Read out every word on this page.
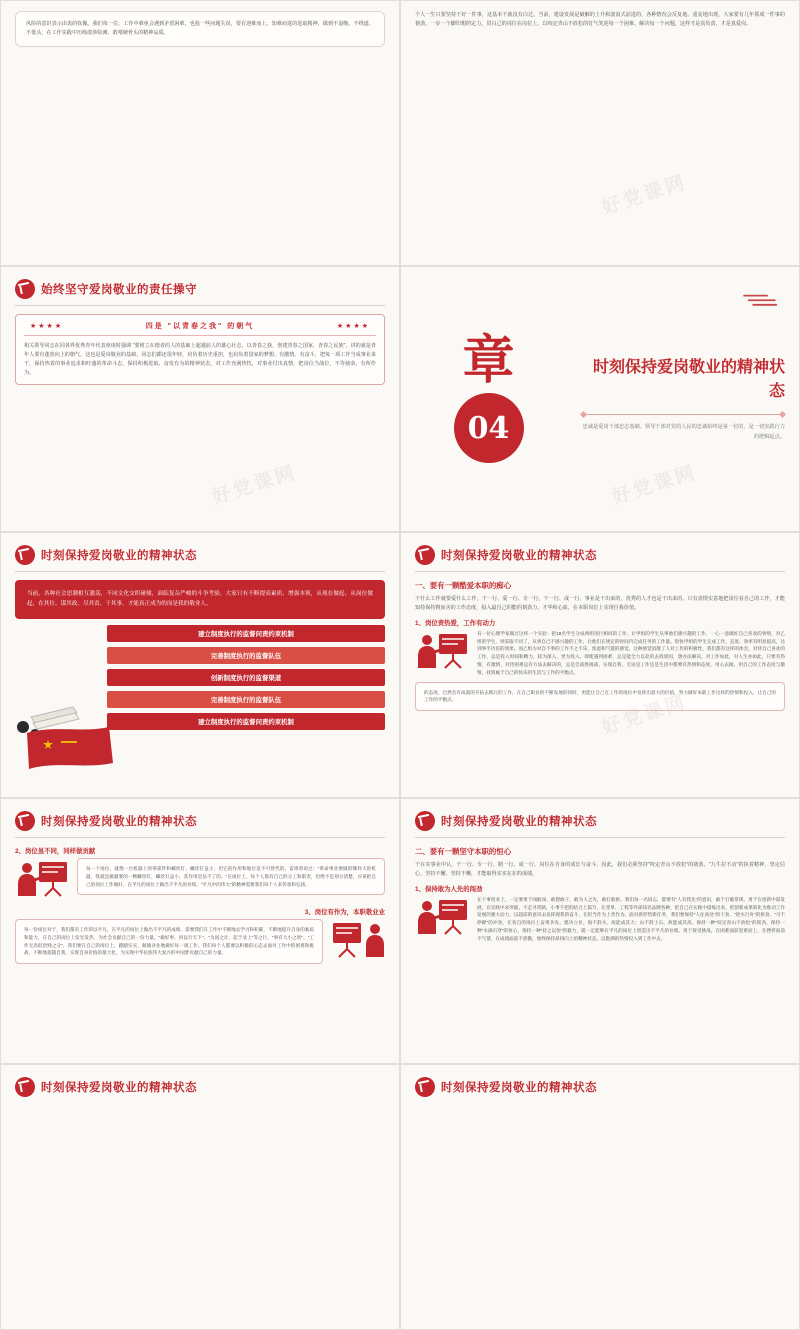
风险的意识表示由衷的钦佩。我们每一位，工作中难免会遇到矛盾困难，也投一些问题失误，要有迎难而上、知难而进的进取精神，做到不退缩、不绕道、不低头，在工作实践中历练敢涉险滩、敢啃硬骨头的精神品质。
个人一生只要坚持干好一件事，这基本干就没有白过。当前，建设发展是破解的上升和波浪式前进的，各种情况会反复地、重复地出现，大家要有几年抓成一件事的韧劲，一步一个脚印想的定力，贯白己的岗位在岗位上，以咬定青山不放松的钉气笑迎每一个困难、解决每一个问题，这样才是真负责，才是真爱岗。
始终坚守爱岗敬业的责任操守
★★★★	四是 "以青春之我" 的朝气	★★★★
相关领导同志在同各界优秀青年代表座谈时强调 "要树立在德者的人的基础上超越前人的雄心壮志，以青春之我，创建青春之国家，青春之民族"，讲的就是青年人要有蓬勃向上的朝气，这也是爱岗敬业的基础。同志们都还很年轻，肩负着历史重担，也肩负着国家的梦想、有激情、有奋斗，把每一项工作当成事业来干，保持热着的事业追求和旺盛的革命斗志，保持积极进取、奋发有为的精神状态，对工作充满热忱，对事业付出真情，把岗位当战位，不等使命，有所作为。	章
04
时刻保持爱岗敬业的精神状态
忠诚是爱岗干部忠志基础。领导干部对党的人民的忠诚始终是第一位的，是一切实践行力的逻辑起点。
时刻保持爱岗敬业的精神状态
当前，各种社会思潮相互激荡，不同文化交织碰撞，面临复杂严峻的斗争考验，大家只有不断提高素质、增强本领，从现在做起、从岗位做起，在其位、谋其政、尽其责、干其事，才能真正成为的岗是我的敬业人。
建立制度执行的监督问责约束机制
完善制度执行的监督队伍
创新制度执行的监督渠道
完善制度执行的监督队伍
建立制度执行的监督问责约束机制
时刻保持爱岗敬业的精神状态
一、要有一颗酷爱本职的痴心
干什么工作就要爱什么工作，干一行、爱一行、专一行，干一行、成一行。事业是干出来的，优秀的人才也是干出来的。只有真情实意地把岗位看自己的工作，才能知持保持锲而舍的工作态度，投入最自己的能的韧劲力，才华和心血，在本职岗位上实现自我价值。
1、岗位责热爱，工作有动力
有一位心理学家做过这样一个实验：把18名学生分成两组进行相同的工作。让甲组的学生从事他们感兴趣的工作，一心一意做好自己喜欢的事情，对乙组的学生，则采取不同了，从事自己不感兴趣的工作，让他们在规定的时间内完成任务的工作量。很快甲组的学生完成工作，态度、效率有明显提高，达到事半功倍的效果。而乙组为对自不事的工作不之不乐，焦虑和气馁的感觉，这种感觉消散了人对工作的积极性，我们都有这样的体会，对待自己喜欢的工作，总是投入时间和精力，较为深入，更为投入，即使遇到困难，总是能全力以赴的去找原因，想办法解决。对工作如此，对人生亦如此，只要有热情、有激情，对待困难总有方法去解决的，总是会战胜挑战、实现自我，无论是工作还是生活中都要有热情和态度、用心去做、用自己的工作态度与激情，找到属于自己的快乐的生活与工作的平衡点。
的态度，自然会有成就的开拓去践行的工作，在自己职业的不断发展的同时，更能让自己在工作的岗位中发挥出最大的价值，努力做好本职工作这样的热情和投入，让自己的工作的平衡点。
时刻保持爱岗敬业的精神状态
2、岗位虽不同，同样做贡献
每一个岗位，就像一台机器上的零部件和螺丝钉，螺丝钉虽小，但它的作用和地位是不可替代的。雷锋曾说过："革命事业要做的哪样大的机器，我就是做紧要的一颗螺丝钉，螺丝钉虽小，其作用是估不了的。"在岗位上，每个人都有自己的分工和职责，但绝不是划分清楚，应该把自己的岗位工作做好，在平凡的岗位上做出不平凡的业绩。"平凡中的伟大"的精神需要我们每个人来传承和弘扬。
3、岗位有作为，本职敬业业
每一份岗位对于，我们都有工作的以平凡、在平凡的岗位上做出不平凡的成绩，需要我们在工作中不断地去学习和积累，不断地提升自身的素质和能力，在自己的岗位上发光发热，为社会贡献自己的一份力量。"做好事、何以行天下"、"为国之计，起于业上"等之行，"事有大小之别"、"工作无高低贵贱之分"，我们要在自己的岗位上，踏踏实实、兢兢业业地做好每一项工作。我们每个人都要以积极的心态去面对工作中的困难和挑战，不断地超越自我，实现自身价值的最大化，为实现中华民族伟大复兴的中国梦贡献自己的力量。
时刻保持爱岗敬业的精神状态
二、要有一颗坚守本职的恒心
干在实事业中认，干一行、专一行、精一行、成一行。岗位在自身的成长与奋斗，因此，我们必须坚持"咬定青山不放松"的韧劲、"九牛拉不动"的执着精神，坚定信心、坚持不懈、坚持不懈，才能取得实实在在的成绩。
1、保持敢为人先的闯劲
在干事创业上，一定要勇于闯敢闯、敢想敢干，敢为人之先，敢打敢拼。我们每一名同志，都要有"人有我先"的意识，敢于打破常规，勇于在创新中谋发展、在实践中求突破。不走寻常路，小事不把的结合上篇写，在变革、工程等外部知名品牌各种，把自己在实践中提练出来，把创新成果转化为推动工作发展的强大动力，以超前的意识去发挥现我的奋斗，在担当作为上善作为。面对新形势新任务，我们要保持"人往高处"的干劲、"逆水行舟"的拼劲、"马不停蹄"的冲劲，在各自的岗位上奋勇争先、建功立业。海不辞水，故能成其大；山不辞土石，故能成其高。保持一种"咬定青山不放松"的韧劲，保持一种"水滴石穿"的恒心，保持一种"持之以恒"的毅力，就一定能够在平凡的岗位上创造出不平凡的业绩。勇于接受挑战，在困难面前迎难而上，在挫折面前不气馁，在成绩面前不骄傲，始终保持昂扬向上的精神状态，以饱满的热情投入到工作中去。
时刻保持爱岗敬业的精神状态	时刻保持爱岗敬业的精神状态
